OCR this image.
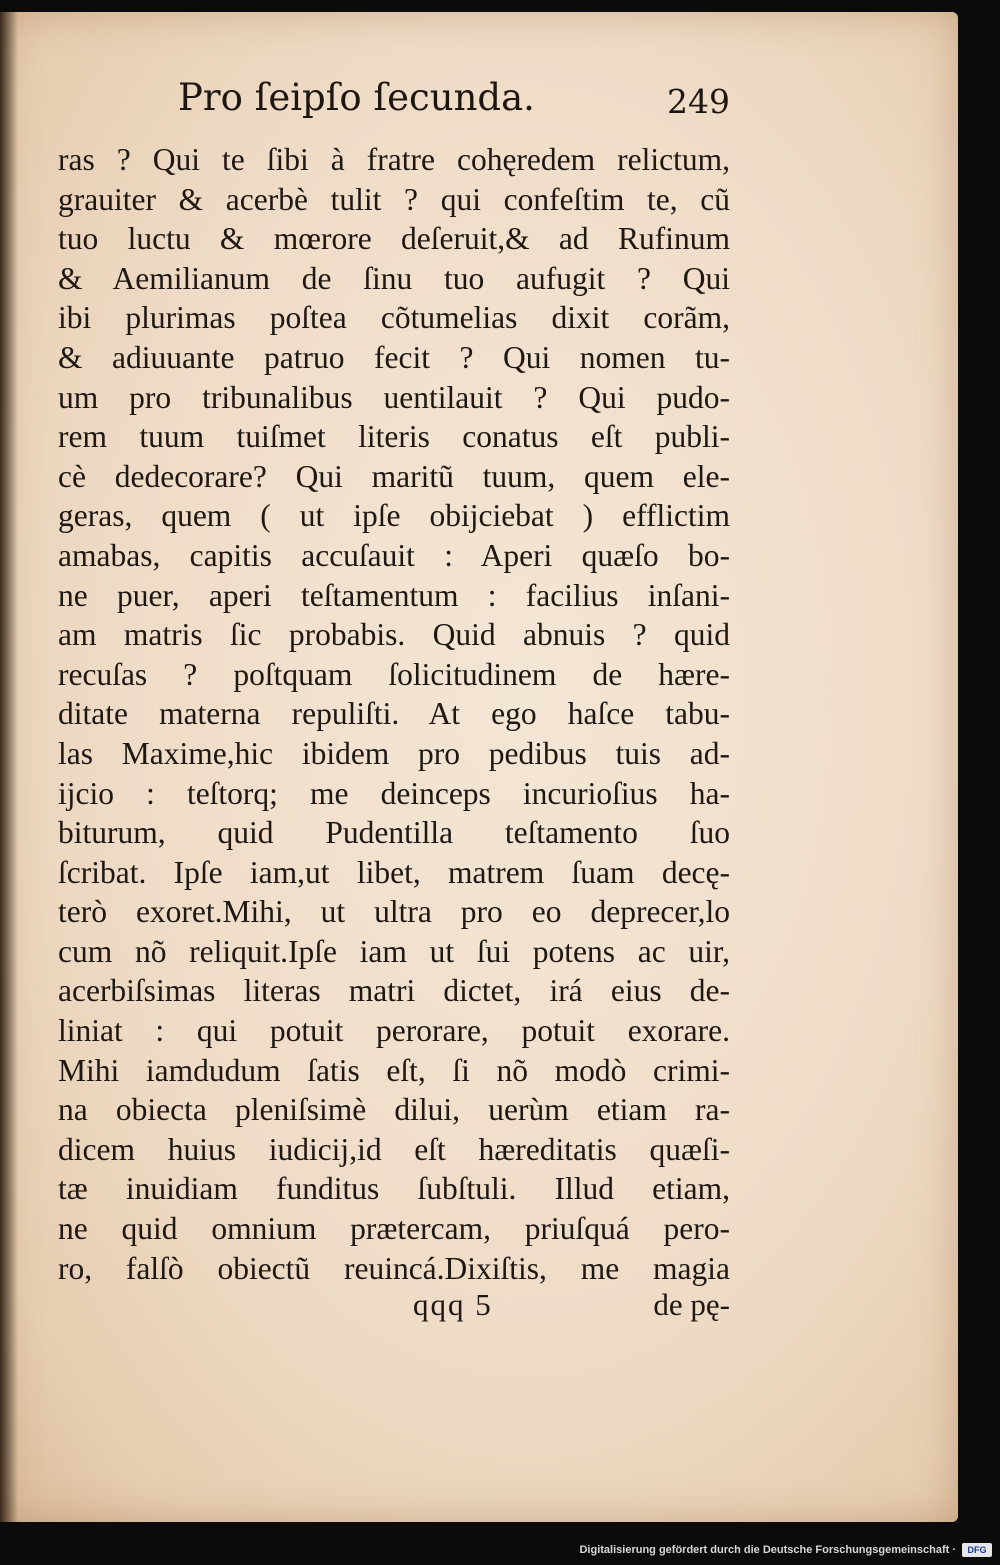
Pro ſeipſo ſecunda.	249
ras ? Qui te ſibi à fratre cohęredem relictum,
grauiter & acerbè tulit ? qui confeſtim te, cũ
tuo luctu & mœrore deſeruit,& ad Rufinum
& Aemilianum de ſinu tuo aufugit ? Qui
ibi plurimas poſtea cõtumelias dixit corãm,
& adiuuante patruo fecit ? Qui nomen tu-
um pro tribunalibus uentilauit ? Qui pudo-
rem tuum tuiſmet literis conatus eſt publi-
cè dedecorare? Qui maritũ tuum, quem ele-
geras, quem ( ut ipſe obijciebat ) efflictim
amabas, capitis accuſauit : Aperi quæſo bo-
ne puer, aperi teſtamentum : facilius inſani-
am matris ſic probabis. Quid abnuis ? quid
recuſas ? poſtquam ſolicitudinem de hære-
ditate materna repuliſti. At ego haſce tabu-
las Maxime,hic ibidem pro pedibus tuis ad-
ijcio : teſtorq; me deinceps incurioſius ha-
biturum, quid Pudentilla teſtamento ſuo
ſcribat. Ipſe iam,ut libet, matrem ſuam decę-
terò exoret.Mihi, ut ultra pro eo deprecer,lo
cum nõ reliquit.Ipſe iam ut ſui potens ac uir,
acerbiſsimas literas matri dictet, irá eius de-
liniat : qui potuit perorare, potuit exorare.
Mihi iamdudum ſatis eſt, ſi nõ modò crimi-
na obiecta pleniſsimè dilui, uerùm etiam ra-
dicem huius iudicij,id eſt hæreditatis quæſi-
tæ inuidiam funditus ſubſtuli. Illud etiam,
ne quid omnium prætercam, priuſquá pero-
ro, falſò obiectũ reuincá.Dixiſtis, me magia
qqq 5	de pę-
Digitalisierung gefördert durch die Deutsche Forschungsgemeinschaft ·	DFG
